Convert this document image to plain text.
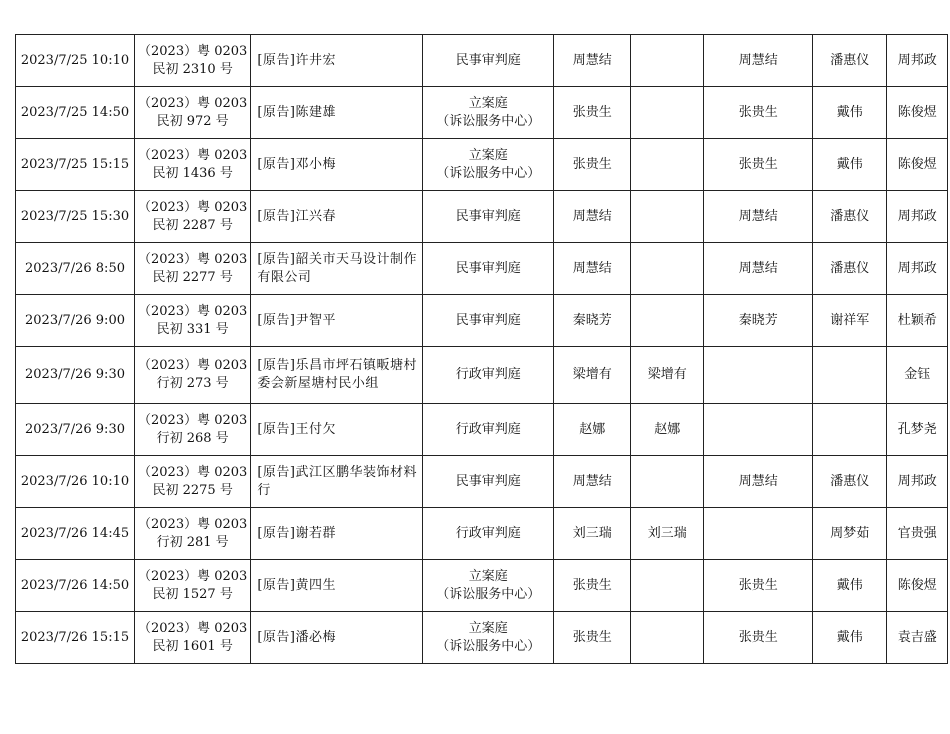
2023/7/25 10:10	（2023）粤 0203
民初 2310 号	[原告]许井宏	民事审判庭	周慧结		周慧结	潘惠仪	周邦政

2023/7/25 14:50	（2023）粤 0203
民初 972 号	[原告]陈建雄	立案庭
（诉讼服务中心）	张贵生		张贵生	戴伟	陈俊煜

2023/7/25 15:15	（2023）粤 0203
民初 1436 号	[原告]邓小梅	立案庭
（诉讼服务中心）	张贵生		张贵生	戴伟	陈俊煜

2023/7/25 15:30	（2023）粤 0203
民初 2287 号	[原告]江兴春	民事审判庭	周慧结		周慧结	潘惠仪	周邦政

2023/7/26 8:50	（2023）粤 0203
民初 2277 号	[原告]韶关市天马设计制作有限公司	民事审判庭	周慧结		周慧结	潘惠仪	周邦政

2023/7/26 9:00	（2023）粤 0203
民初 331 号	[原告]尹智平	民事审判庭	秦晓芳		秦晓芳	谢祥军	杜颖希

2023/7/26 9:30	（2023）粤 0203
行初 273 号	[原告]乐昌市坪石镇畈塘村委会新屋塘村民小组	行政审判庭	梁增有	梁增有			金钰

2023/7/26 9:30	（2023）粤 0203
行初 268 号	[原告]王付欠	行政审判庭	赵娜	赵娜			孔梦尧

2023/7/26 10:10	（2023）粤 0203
民初 2275 号	[原告]武江区鹏华装饰材料行	民事审判庭	周慧结		周慧结	潘惠仪	周邦政

2023/7/26 14:45	（2023）粤 0203
行初 281 号	[原告]谢若群	行政审判庭	刘三瑞	刘三瑞		周梦茹	官贵强

2023/7/26 14:50	（2023）粤 0203
民初 1527 号	[原告]黄四生	立案庭
（诉讼服务中心）	张贵生		张贵生	戴伟	陈俊煜

2023/7/26 15:15	（2023）粤 0203
民初 1601 号	[原告]潘必梅	立案庭
（诉讼服务中心）	张贵生		张贵生	戴伟	袁吉盛
